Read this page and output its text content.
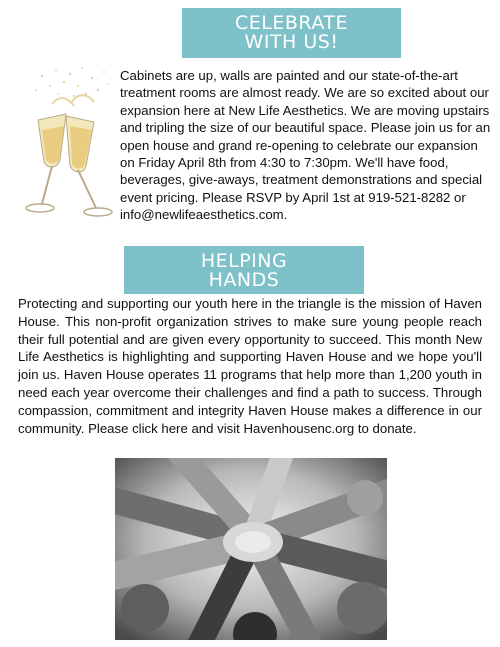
CELEBRATE
WITH US!

Cabinets are up, walls are painted and our state-of-the-art treatment rooms are almost ready. We are so excited about our expansion here at New Life Aesthetics. We are moving upstairs and tripling the size of our beautiful space. Please join us for an open house and grand re-opening to celebrate our expansion on Friday April 8th from 4:30 to 7:30pm. We'll have food, beverages, give-aways, treatment demonstrations and special event pricing. Please RSVP by April 1st at 919-521-8282 or info@newlifeaesthetics.com.

HELPING
HANDS

Protecting and supporting our youth here in the triangle is the mission of Haven House. This non-profit organization strives to make sure young people reach their full potential and are given every opportunity to succeed. This month New Life Aesthetics is highlighting and supporting Haven House and we hope you'll join us. Haven House operates 11 programs that help more than 1,200 youth in need each year overcome their challenges and find a path to success. Through compassion, commitment and integrity Haven House makes a difference in our community. Please click here and visit Havenhousenc.org to donate.
